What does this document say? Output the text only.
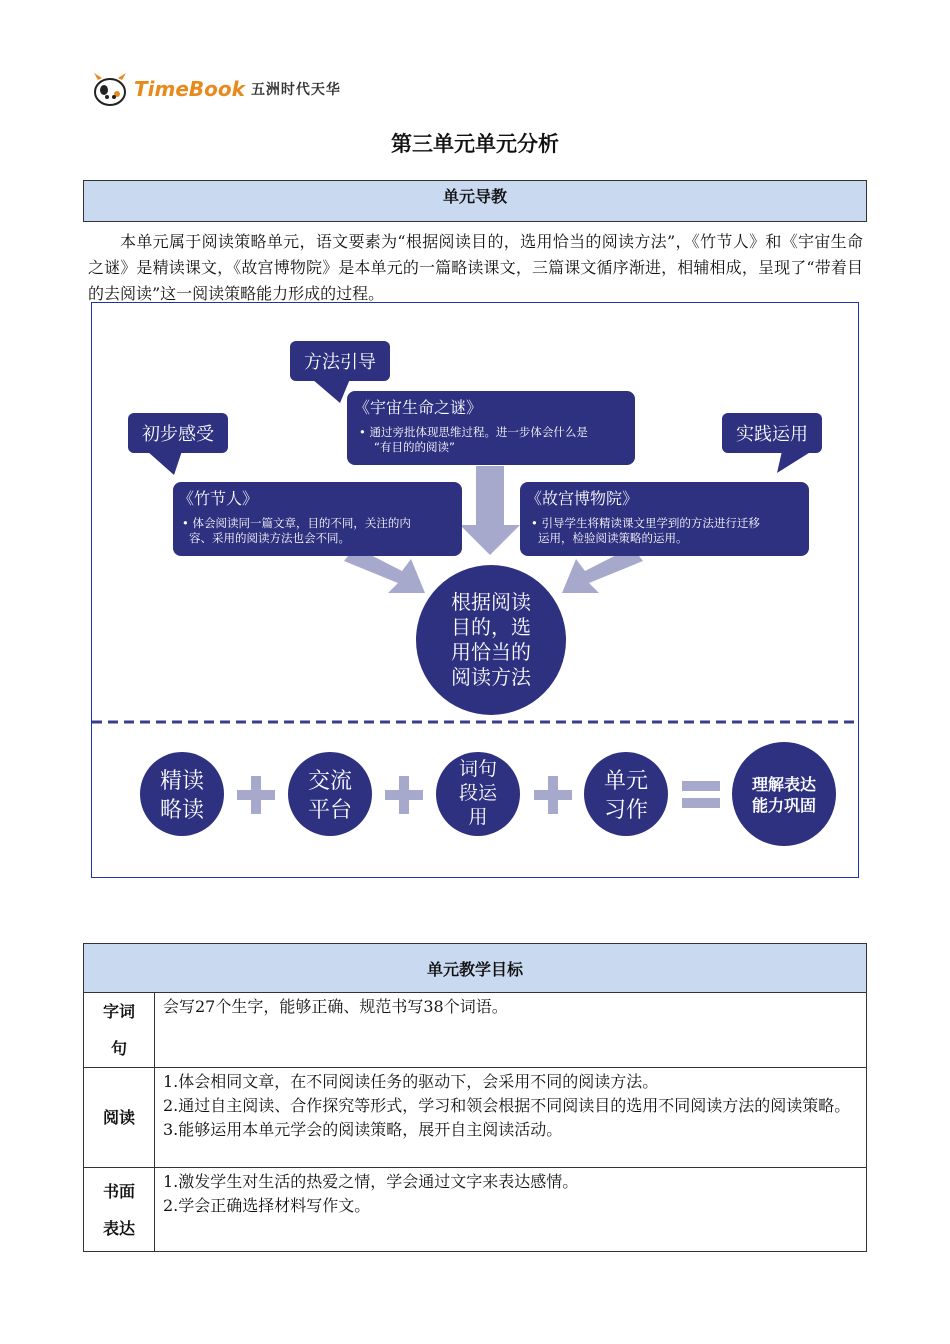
TimeBook 五洲时代天华
第三单元单元分析
单元导教
本单元属于阅读策略单元，语文要素为“根据阅读目的，选用恰当的阅读方法”，《竹节人》和《宇宙生命之谜》是精读课文，《故宫博物院》是本单元的一篇略读课文，三篇课文循序渐进，相辅相成，呈现了“带着目的去阅读”这一阅读策略能力形成的过程。
初步感受
方法引导
实践运用
《宇宙生命之谜》
• 通过旁批体现思维过程。进一步体会什么是
“有目的的阅读”
《竹节人》
• 体会阅读同一篇文章，目的不同，关注的内
容、采用的阅读方法也会不同。
《故宫博物院》
• 引导学生将精读课文里学到的方法进行迁移
运用，检验阅读策略的运用。
根据阅读
目的，选
用恰当的
阅读方法
精读
略读
交流
平台
词句
段运
用
单元
习作
理解表达
能力巩固
单元教学目标	

字词
句	会写27个生字，能够正确、规范书写38个词语。

阅读	1.体会相同文章，在不同阅读任务的驱动下，会采用不同的阅读方法。
2.通过自主阅读、合作探究等形式，学习和领会根据不同阅读目的选用不同阅读方法的阅读策略。
3.能够运用本单元学会的阅读策略，展开自主阅读活动。

书面
表达	1.激发学生对生活的热爱之情，学会通过文字来表达感情。
2.学会正确选择材料写作文。
